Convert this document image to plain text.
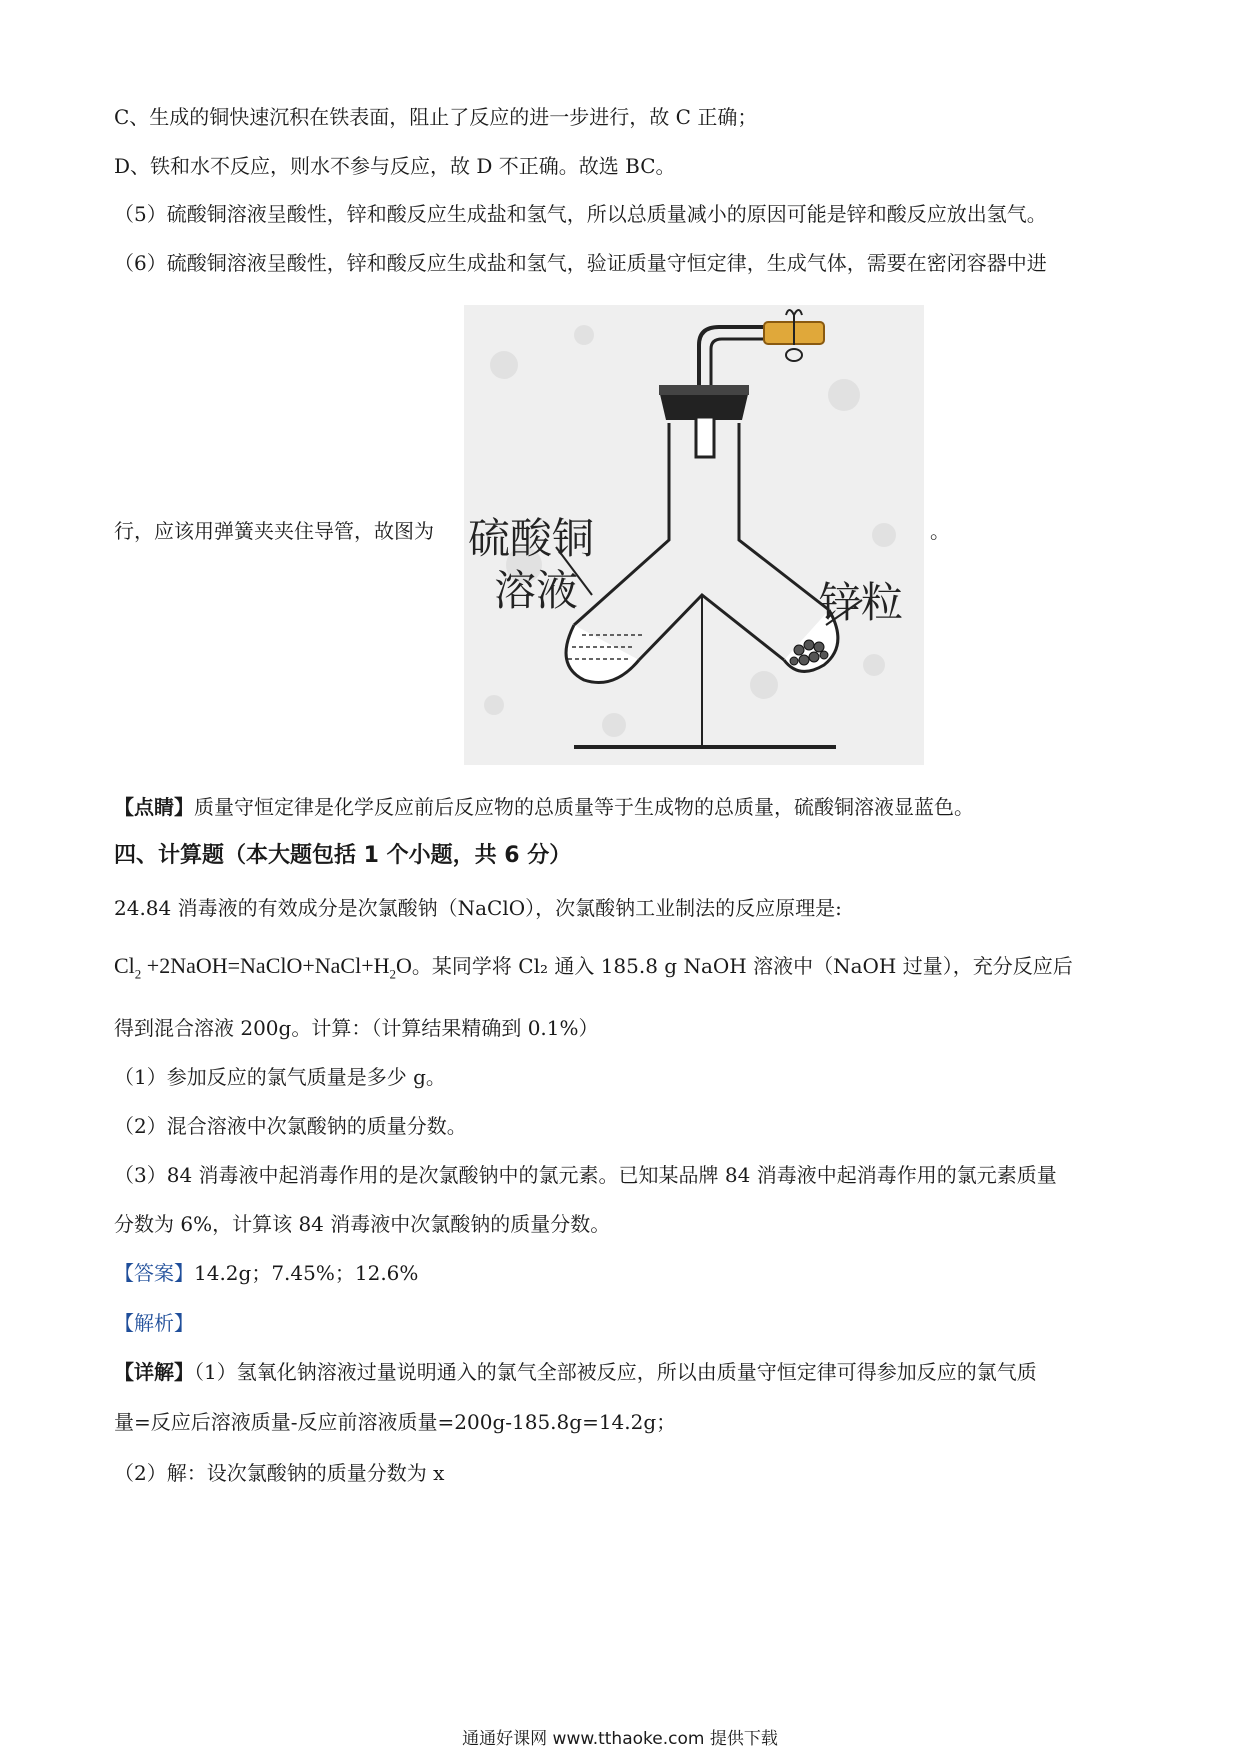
C、生成的铜快速沉积在铁表面，阻止了反应的进一步进行，故 C 正确；
D、铁和水不反应，则水不参与反应，故 D 不正确。故选 BC。
（5）硫酸铜溶液呈酸性，锌和酸反应生成盐和氢气，所以总质量减小的原因可能是锌和酸反应放出氢气。
（6）硫酸铜溶液呈酸性，锌和酸反应生成盐和氢气，验证质量守恒定律，生成气体，需要在密闭容器中进
行，应该用弹簧夹夹住导管，故图为	。
硫酸铜
溶液	锌粒
【点睛】质量守恒定律是化学反应前后反应物的总质量等于生成物的总质量，硫酸铜溶液显蓝色。
四、计算题（本大题包括 1 个小题，共 6 分）
24.84 消毒液的有效成分是次氯酸钠（NaClO），次氯酸钠工业制法的反应原理是:
$Cl_2$ $+2NaOH=NaClO+NaCl+H_2O$。某同学将 Cl₂ 通入 185.8 g NaOH 溶液中（NaOH 过量），充分反应后
得到混合溶液 200g。计算：（计算结果精确到 0.1%）
（1）参加反应的氯气质量是多少 g。
（2）混合溶液中次氯酸钠的质量分数。
（3）84 消毒液中起消毒作用的是次氯酸钠中的氯元素。已知某品牌 84 消毒液中起消毒作用的氯元素质量
分数为 6%，计算该 84 消毒液中次氯酸钠的质量分数。
【答案】14.2g；7.45%；12.6%
【解析】
【详解】（1）氢氧化钠溶液过量说明通入的氯气全部被反应，所以由质量守恒定律可得参加反应的氯气质
量=反应后溶液质量-反应前溶液质量=200g-185.8g=14.2g；
（2）解：设次氯酸钠的质量分数为 x
通通好课网 www.tthaoke.com 提供下载
